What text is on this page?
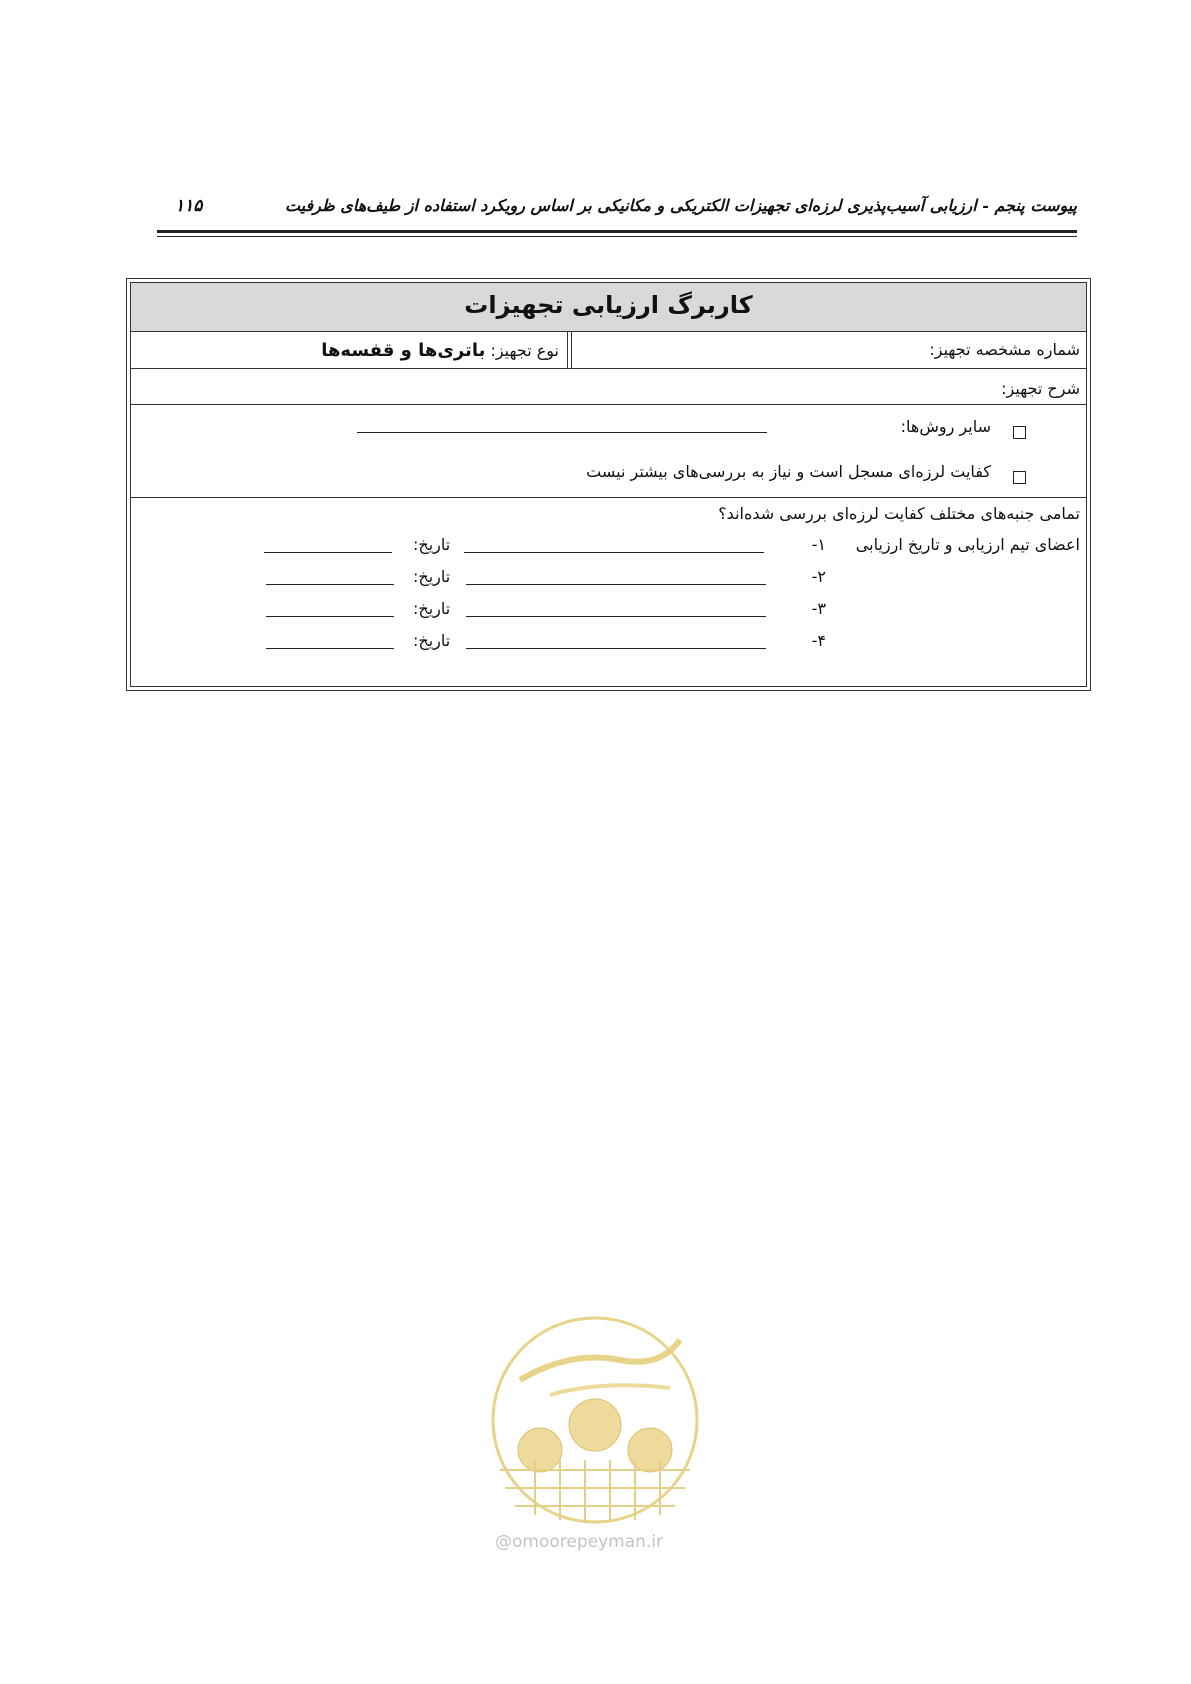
پیوست پنجم - ارزیابی آسیب‌پذیری لرزه‌ای تجهیزات الکتریکی و مکانیکی بر اساس رویکرد استفاده از طیف‌های ظرفیت
۱۱۵
کاربرگ ارزیابی تجهیزات
شماره مشخصه تجهیز:
نوع تجهیز: باتری‌ها و قفسه‌ها
شرح تجهیز:
سایر روش‌ها:
کفایت لرزه‌ای مسجل است و نیاز به بررسی‌های بیشتر نیست
تمامی جنبه‌های مختلف کفایت لرزه‌ای بررسی شده‌اند؟
اعضای تیم ارزیابی و تاریخ ارزیابی
۱-
تاریخ:
۲-
تاریخ:
۳-
تاریخ:
۴-
تاریخ:
@omoorepeyman.ir
